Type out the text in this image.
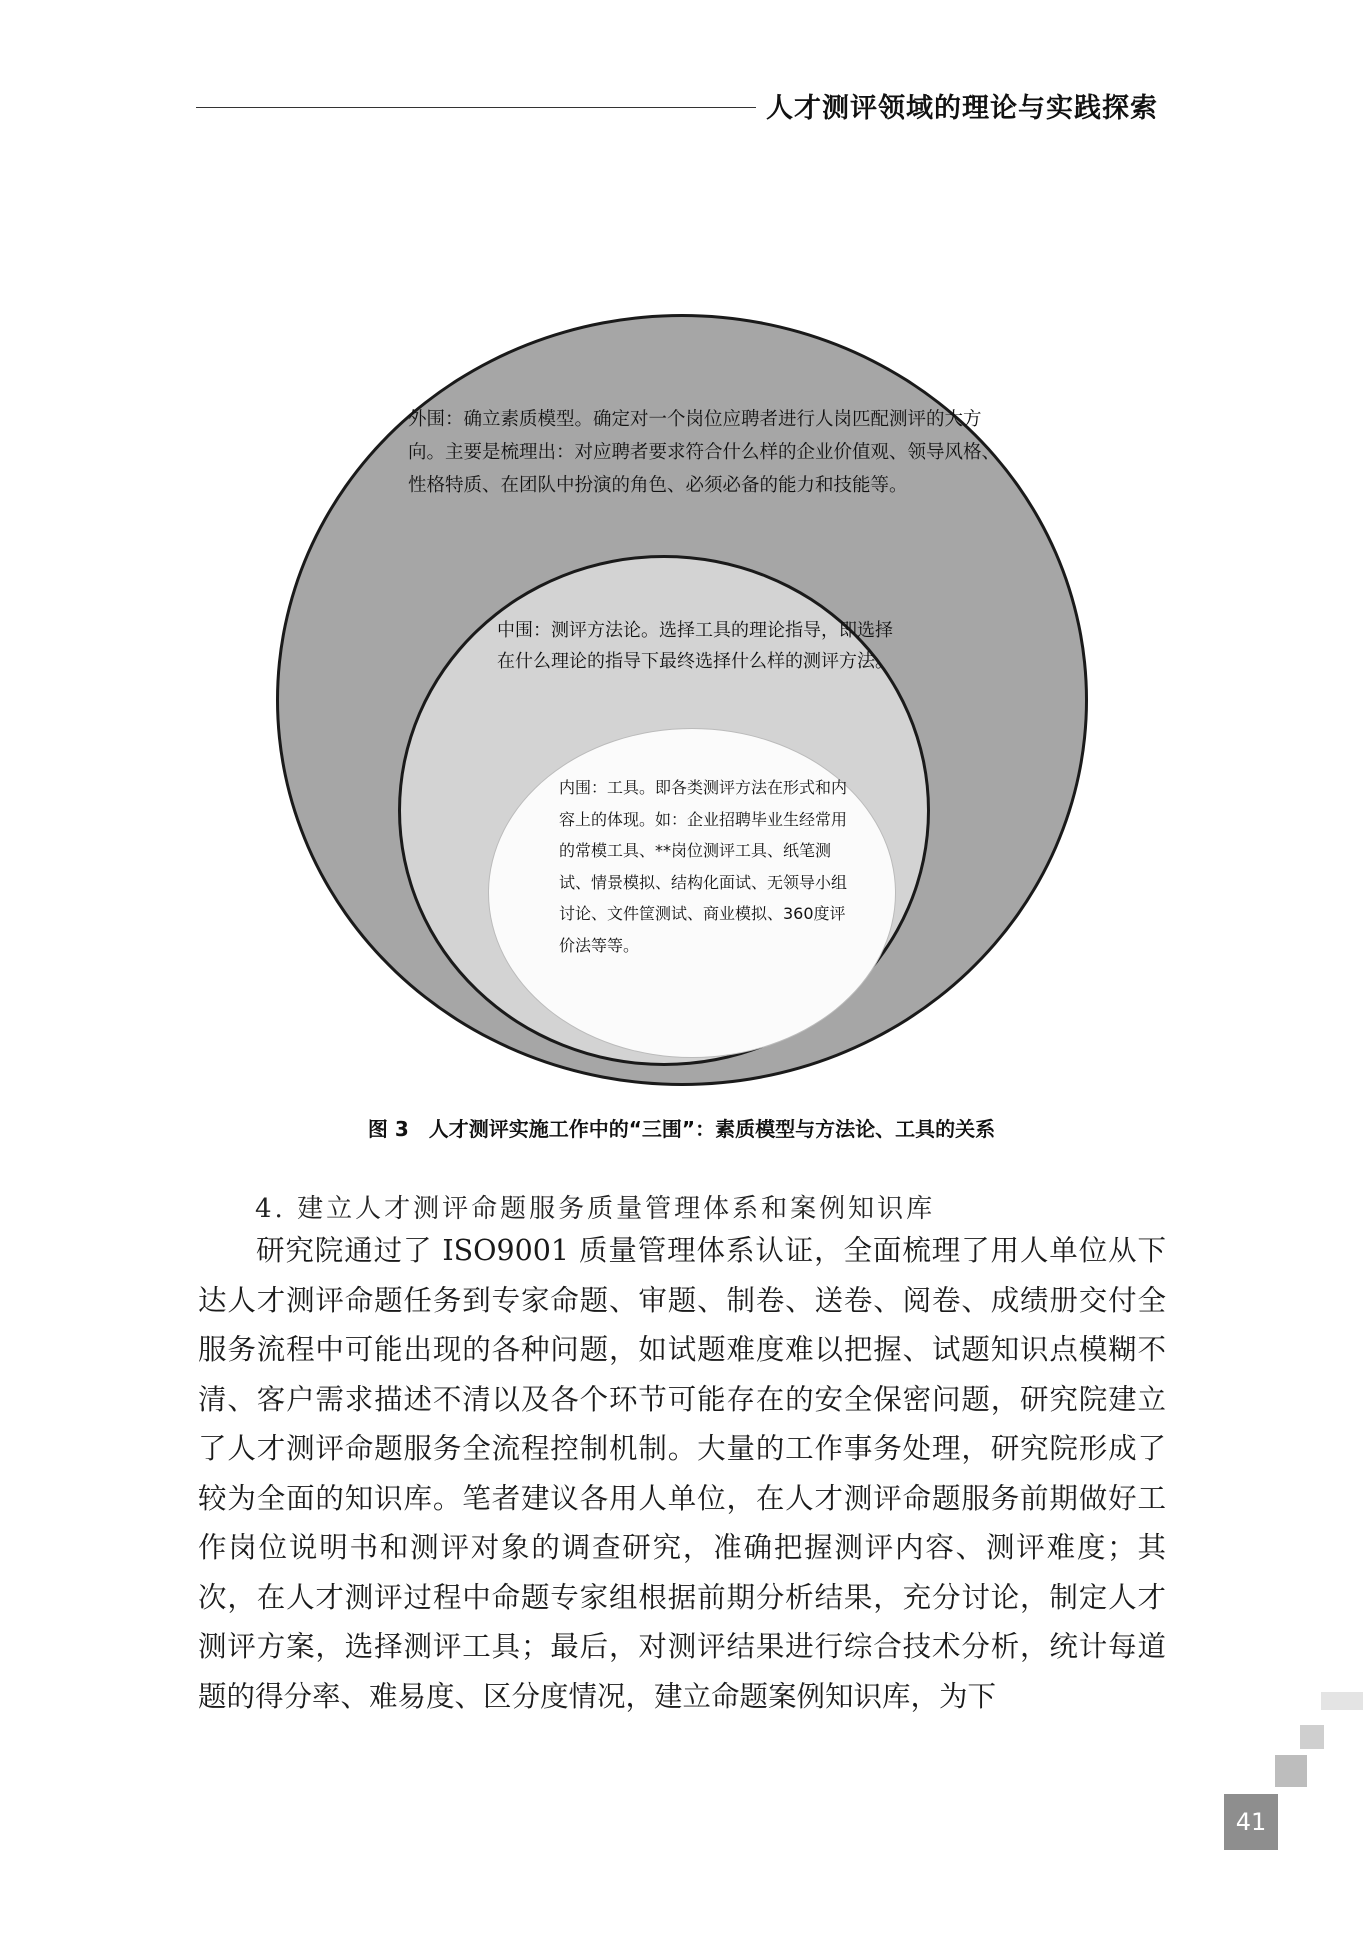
人才测评领域的理论与实践探索
外围：确立素质模型。确定对一个岗位应聘者进行人岗匹配测评的大方向。主要是梳理出：对应聘者要求符合什么样的企业价值观、领导风格、性格特质、在团队中扮演的角色、必须必备的能力和技能等。
中围：测评方法论。选择工具的理论指导，即选择在什么理论的指导下最终选择什么样的测评方法。
内围：工具。即各类测评方法在形式和内容上的体现。如：企业招聘毕业生经常用的常模工具、**岗位测评工具、纸笔测试、情景模拟、结构化面试、无领导小组讨论、文件筐测试、商业模拟、360度评价法等等。
图 3　人才测评实施工作中的“三围”：素质模型与方法论、工具的关系
4. 建立人才测评命题服务质量管理体系和案例知识库

研究院通过了 ISO9001 质量管理体系认证，全面梳理了用人单位从下达人才测评命题任务到专家命题、审题、制卷、送卷、阅卷、成绩册交付全服务流程中可能出现的各种问题，如试题难度难以把握、试题知识点模糊不清、客户需求描述不清以及各个环节可能存在的安全保密问题，研究院建立了人才测评命题服务全流程控制机制。大量的工作事务处理，研究院形成了较为全面的知识库。笔者建议各用人单位，在人才测评命题服务前期做好工作岗位说明书和测评对象的调查研究，准确把握测评内容、测评难度；其次，在人才测评过程中命题专家组根据前期分析结果，充分讨论，制定人才测评方案，选择测评工具；最后，对测评结果进行综合技术分析，统计每道题的得分率、难易度、区分度情况，建立命题案例知识库，为下

41
